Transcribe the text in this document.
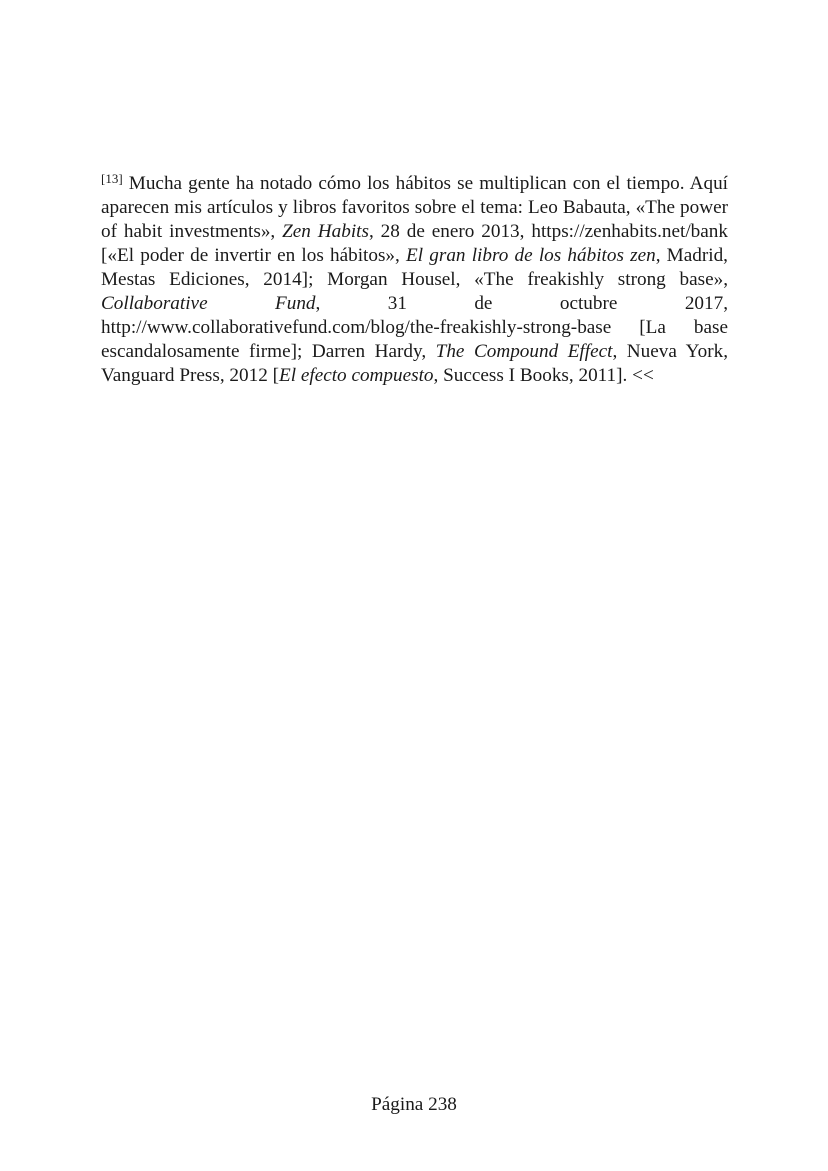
[13] Mucha gente ha notado cómo los hábitos se multiplican con el tiempo. Aquí aparecen mis artículos y libros favoritos sobre el tema: Leo Babauta, «The power of habit investments», Zen Habits, 28 de enero 2013, https://zenhabits.net/bank [«El poder de invertir en los hábitos», El gran libro de los hábitos zen, Madrid, Mestas Ediciones, 2014]; Morgan Housel, «The freakishly strong base», Collaborative Fund, 31 de octubre 2017, http://www.collaborativefund.com/blog/the-freakishly-strong-base [La base escandalosamente firme]; Darren Hardy, The Compound Effect, Nueva York, Vanguard Press, 2012 [El efecto compuesto, Success I Books, 2011]. <<

Página 238
